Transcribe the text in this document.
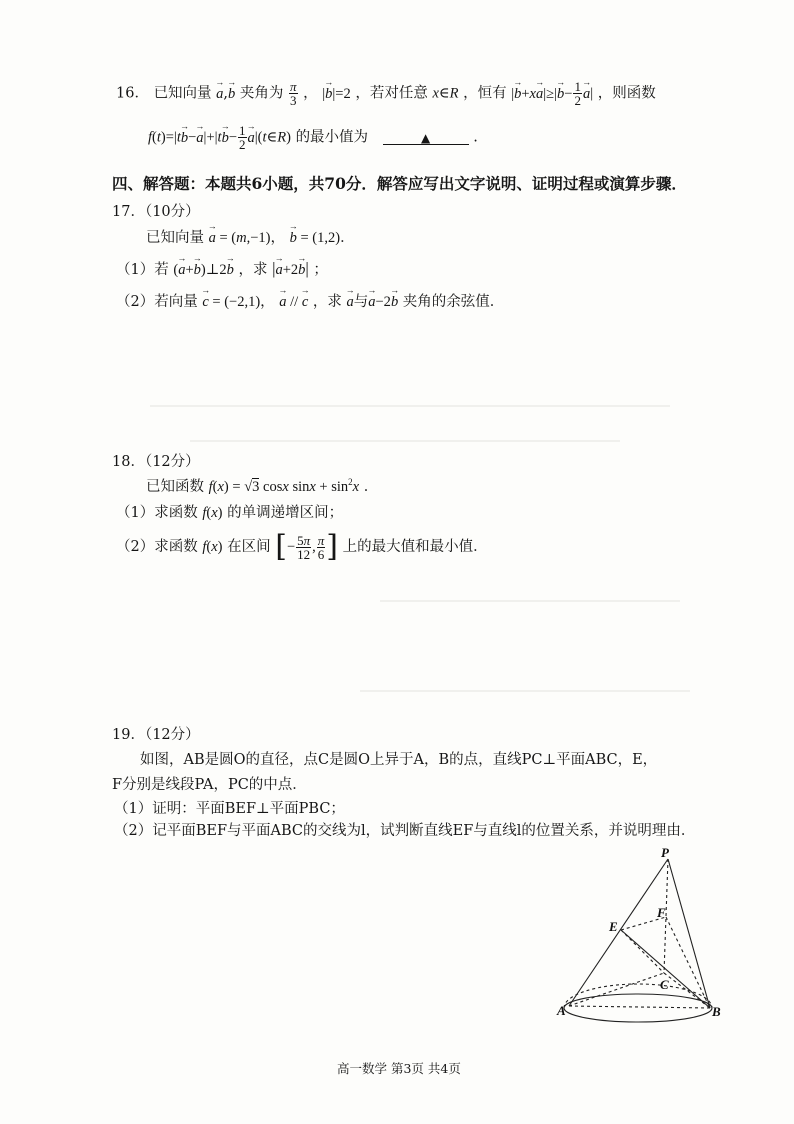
16． 已知向量 → a,→ b 夹角为 $\frac{\pi}{3}$ ， |→ b|=2 ，若对任意 x∈R ，恒有 |→ $b+x\to a|\ge|\to b- \frac{1}{2}$
→ a| ，则函数
$f(t)=|t\to b-\to a|+|t\to b- \frac{1}{2}$
→ a|(t∈R) 的最小值为	▲	.
四、解答题：本题共6小题，共70分．解答应写出文字说明、证明过程或演算步骤．
17．（10分）
已知向量 → a = (m,−1)， → b = (1,2)．
（1）若 (→ a+→ b)⊥2→ b ，求 |→ a+2→ b| ；
（2）若向量 → c = (−2,1)， → a // → c ，求 → a与→ a−2→ b 夹角的余弦值．
18．（12分）
已知函数 f(x) = √3 cosx $\sin x + \sin^2x$ ．
（1）求函数 f(x) 的单调递增区间；
（2）求函数 f(x) 在区间 [− $\frac{5\pi}{12}$ , $\frac{\pi}{6}$ ] 上的最大值和最小值．
19．（12分）
如图，AB是圆O的直径，点C是圆O上异于A，B的点，直线PC⊥平面ABC，E，
F分别是线段PA，PC的中点．
（1）证明：平面BEF⊥平面PBC；
（2）记平面BEF与平面ABC的交线为l，试判断直线EF与直线l的位置关系，并说明理由．
P
E
F
C
A	B
高一数学 第3页 共4页
